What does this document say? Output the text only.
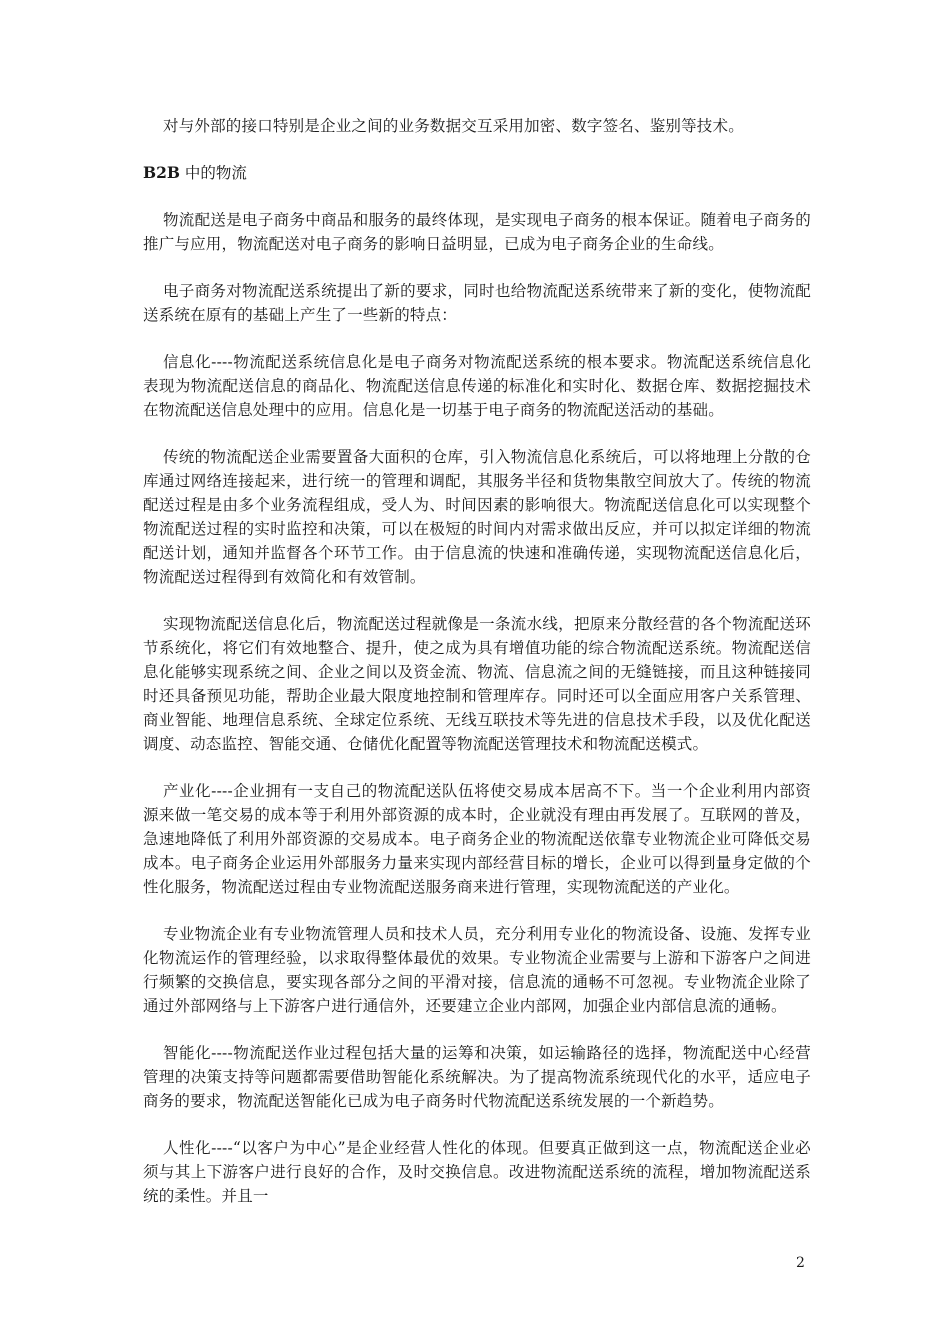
对与外部的接口特别是企业之间的业务数据交互采用加密、数字签名、鉴别等技术。

B2B 中的物流

物流配送是电子商务中商品和服务的最终体现，是实现电子商务的根本保证。随着电子商务的推广与应用，物流配送对电子商务的影响日益明显，已成为电子商务企业的生命线。

电子商务对物流配送系统提出了新的要求，同时也给物流配送系统带来了新的变化，使物流配送系统在原有的基础上产生了一些新的特点：

信息化----物流配送系统信息化是电子商务对物流配送系统的根本要求。物流配送系统信息化表现为物流配送信息的商品化、物流配送信息传递的标准化和实时化、数据仓库、数据挖掘技术在物流配送信息处理中的应用。信息化是一切基于电子商务的物流配送活动的基础。

传统的物流配送企业需要置备大面积的仓库，引入物流信息化系统后，可以将地理上分散的仓库通过网络连接起来，进行统一的管理和调配，其服务半径和货物集散空间放大了。传统的物流配送过程是由多个业务流程组成，受人为、时间因素的影响很大。物流配送信息化可以实现整个物流配送过程的实时监控和决策，可以在极短的时间内对需求做出反应，并可以拟定详细的物流配送计划，通知并监督各个环节工作。由于信息流的快速和准确传递，实现物流配送信息化后，物流配送过程得到有效简化和有效管制。

实现物流配送信息化后，物流配送过程就像是一条流水线，把原来分散经营的各个物流配送环节系统化，将它们有效地整合、提升，使之成为具有增值功能的综合物流配送系统。物流配送信息化能够实现系统之间、企业之间以及资金流、物流、信息流之间的无缝链接，而且这种链接同时还具备预见功能，帮助企业最大限度地控制和管理库存。同时还可以全面应用客户关系管理、商业智能、地理信息系统、全球定位系统、无线互联技术等先进的信息技术手段，以及优化配送调度、动态监控、智能交通、仓储优化配置等物流配送管理技术和物流配送模式。

产业化----企业拥有一支自己的物流配送队伍将使交易成本居高不下。当一个企业利用内部资源来做一笔交易的成本等于利用外部资源的成本时，企业就没有理由再发展了。互联网的普及，急速地降低了利用外部资源的交易成本。电子商务企业的物流配送依靠专业物流企业可降低交易成本。电子商务企业运用外部服务力量来实现内部经营目标的增长，企业可以得到量身定做的个性化服务，物流配送过程由专业物流配送服务商来进行管理，实现物流配送的产业化。

专业物流企业有专业物流管理人员和技术人员，充分利用专业化的物流设备、设施、发挥专业化物流运作的管理经验，以求取得整体最优的效果。专业物流企业需要与上游和下游客户之间进行频繁的交换信息，要实现各部分之间的平滑对接，信息流的通畅不可忽视。专业物流企业除了通过外部网络与上下游客户进行通信外，还要建立企业内部网，加强企业内部信息流的通畅。

智能化----物流配送作业过程包括大量的运筹和决策，如运输路径的选择，物流配送中心经营管理的决策支持等问题都需要借助智能化系统解决。为了提高物流系统现代化的水平，适应电子商务的要求，物流配送智能化已成为电子商务时代物流配送系统发展的一个新趋势。

人性化----“以客户为中心”是企业经营人性化的体现。但要真正做到这一点，物流配送企业必须与其上下游客户进行良好的合作，及时交换信息。改进物流配送系统的流程，增加物流配送系统的柔性。并且一

2
